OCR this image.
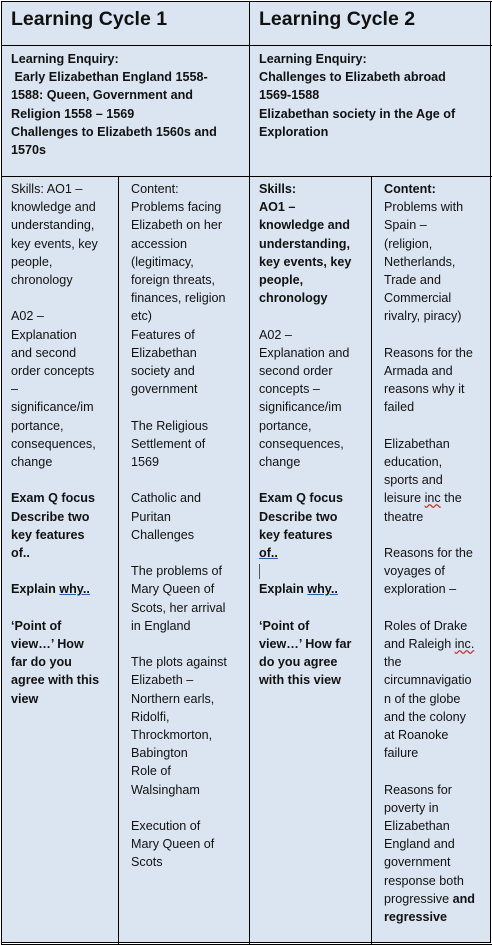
Learning Cycle 1	Learning Cycle 2

Learning Enquiry:

Early Elizabethan England 1558-

1588: Queen, Government and

Religion 1558 – 1569

Challenges to Elizabeth 1560s and

1570s

Learning Enquiry:

Challenges to Elizabeth abroad

1569-1588

Elizabethan society in the Age of

Exploration

Skills: AO1 –

knowledge and
understanding,
key events, key
people,
chronology

A02 –
Explanation
and second
order concepts
–
significance/im
portance,
consequences,
change

Exam Q focus
Describe two
key features
of..

Explain why..

‘Point of
view…’ How
far do you
agree with this
view

Content:

Problems facing
Elizabeth on her
accession
(legitimacy,
foreign threats,
finances, religion
etc)
Features of
Elizabethan
society and
government

The Religious
Settlement of
1569

Catholic and
Puritan
Challenges

The problems of
Mary Queen of
Scots, her arrival
in England

The plots against
Elizabeth –
Northern earls,
Ridolfi,
Throckmorton,
Babington
Role of
Walsingham

Execution of
Mary Queen of
Scots

Skills:

AO1 –
knowledge and
understanding,
key events, key
people,
chronology

A02 –
Explanation and
second order
concepts –
significance/im
portance,
consequences,
change

Exam Q focus
Describe two
key features

of..

Explain why..

‘Point of
view…’ How far
do you agree
with this view

Content:

Problems with
Spain –
(religion,
Netherlands,
Trade and
Commercial
rivalry, piracy)

Reasons for the
Armada and
reasons why it
failed

Elizabethan
education,
sports and
leisure inc the
theatre

Reasons for the
voyages of
exploration –

Roles of Drake
and Raleigh inc.
the
circumnavigatio
n of the globe
and the colony
at Roanoke
failure

Reasons for
poverty in
Elizabethan
England and
government
response both
progressive and
regressive
